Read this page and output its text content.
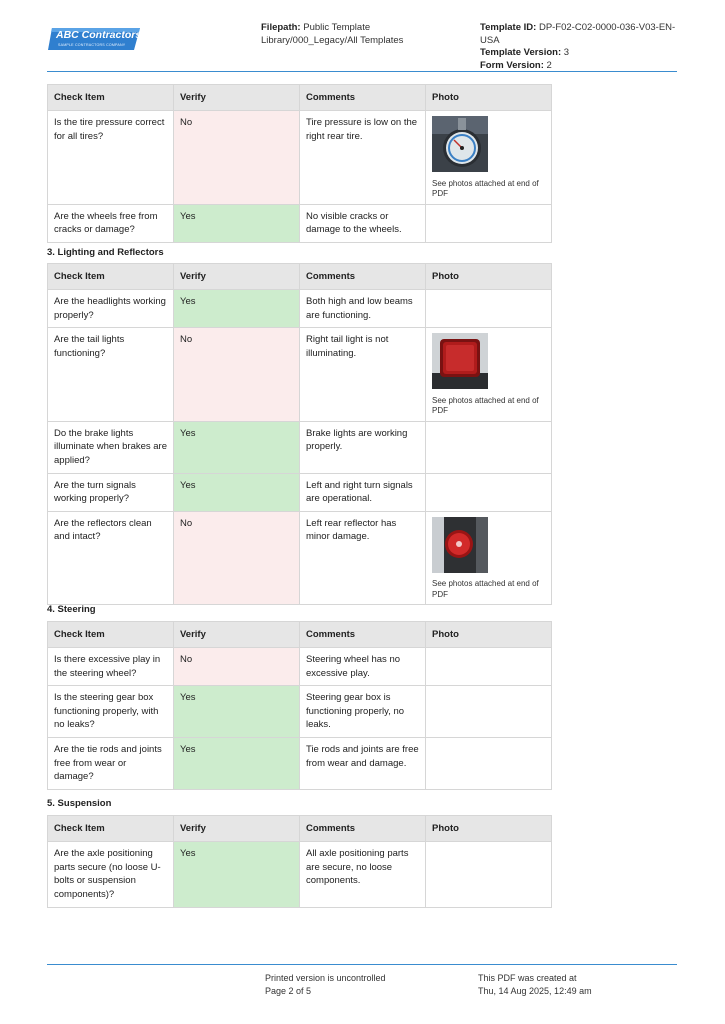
ABC Contractors
SAMPLE CONTRACTORS COMPANY
Filepath: Public Template Library/000_Legacy/All Templates
Template ID: DP-F02-C02-0000-036-V03-EN-USA
Template Version: 3
Form Version: 2
Check Item	Verify	Comments	Photo
Is the tire pressure correct for all tires?	No	Tire pressure is low on the right rear tire.	See photos attached at end of PDF

Are the wheels free from cracks or damage?	Yes	No visible cracks or damage to the wheels.	
3. Lighting and Reflectors
Check Item	Verify	Comments	Photo
Are the headlights working properly?	Yes	Both high and low beams are functioning.	
Are the tail lights functioning?	No	Right tail light is not illuminating.	See photos attached at end of PDF

Do the brake lights illuminate when brakes are applied?	Yes	Brake lights are working properly.	
Are the turn signals working properly?	Yes	Left and right turn signals are operational.	
Are the reflectors clean and intact?	No	Left rear reflector has minor damage.	See photos attached at end of PDF
4. Steering
Check Item	Verify	Comments	Photo
Is there excessive play in the steering wheel?	No	Steering wheel has no excessive play.	
Is the steering gear box functioning properly, with no leaks?	Yes	Steering gear box is functioning properly, no leaks.	
Are the tie rods and joints free from wear or damage?	Yes	Tie rods and joints are free from wear and damage.	
5. Suspension
Check Item	Verify	Comments	Photo
Are the axle positioning parts secure (no loose U-bolts or suspension components)?	Yes	All axle positioning parts are secure, no loose components.	
Printed version is uncontrolled
Page 2 of 5
This PDF was created at
Thu, 14 Aug 2025, 12:49 am
